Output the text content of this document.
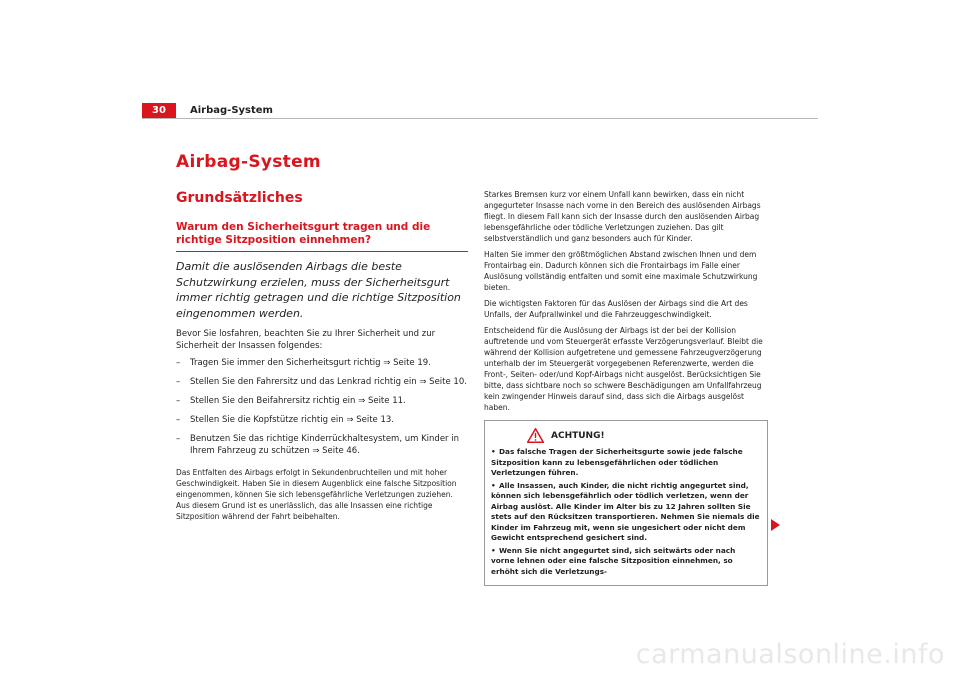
30	Airbag-System
Airbag-System
Grundsätzliches
Warum den Sicherheitsgurt tragen und die richtige Sitzposition einnehmen?

Damit die auslösenden Airbags die beste Schutzwirkung erzielen, muss der Sicherheitsgurt immer richtig getragen und die richtige Sitzposition eingenommen werden.

Bevor Sie losfahren, beachten Sie zu Ihrer Sicherheit und zur Sicherheit der Insassen folgendes:

– Tragen Sie immer den Sicherheitsgurt richtig ⇒ Seite 19.
– Stellen Sie den Fahrersitz und das Lenkrad richtig ein ⇒ Seite 10.
– Stellen Sie den Beifahrersitz richtig ein ⇒ Seite 11.
– Stellen Sie die Kopfstütze richtig ein ⇒ Seite 13.
– Benutzen Sie das richtige Kinderrückhaltesystem, um Kinder in Ihrem Fahrzeug zu schützen ⇒ Seite 46.

Das Entfalten des Airbags erfolgt in Sekundenbruchteilen und mit hoher Geschwindigkeit. Haben Sie in diesem Augenblick eine falsche Sitzposition eingenommen, können Sie sich lebensgefährliche Verletzungen zuziehen. Aus diesem Grund ist es unerlässlich, das alle Insassen eine richtige Sitzposition während der Fahrt beibehalten.

Starkes Bremsen kurz vor einem Unfall kann bewirken, dass ein nicht angegurteter Insasse nach vorne in den Bereich des auslösenden Airbags fliegt. In diesem Fall kann sich der Insasse durch den auslösenden Airbag lebensgefährliche oder tödliche Verletzungen zuziehen. Das gilt selbstverständlich und ganz besonders auch für Kinder.

Halten Sie immer den größtmöglichen Abstand zwischen Ihnen und dem Frontairbag ein. Dadurch können sich die Frontairbags im Falle einer Auslösung vollständig entfalten und somit eine maximale Schutzwirkung bieten.

Die wichtigsten Faktoren für das Auslösen der Airbags sind die Art des Unfalls, der Aufprallwinkel und die Fahrzeuggeschwindigkeit.

Entscheidend für die Auslösung der Airbags ist der bei der Kollision auftretende und vom Steuergerät erfasste Verzögerungsverlauf. Bleibt die während der Kollision aufgetretene und gemessene Fahrzeugverzögerung unterhalb der im Steuergerät vorgegebenen Referenzwerte, werden die Front-, Seiten- oder/und Kopf-Airbags nicht ausgelöst. Berücksichtigen Sie bitte, dass sichtbare noch so schwere Beschädigungen am Unfallfahrzeug kein zwingender Hinweis darauf sind, dass sich die Airbags ausgelöst haben.

ACHTUNG!
• Das falsche Tragen der Sicherheitsgurte sowie jede falsche Sitzposition kann zu lebensgefährlichen oder tödlichen Verletzungen führen.
• Alle Insassen, auch Kinder, die nicht richtig angegurtet sind, können sich lebensgefährlich oder tödlich verletzen, wenn der Airbag auslöst. Alle Kinder im Alter bis zu 12 Jahren sollten Sie stets auf den Rücksitzen transportieren. Nehmen Sie niemals die Kinder im Fahrzeug mit, wenn sie ungesichert oder nicht dem Gewicht entsprechend gesichert sind.
• Wenn Sie nicht angegurtet sind, sich seitwärts oder nach vorne lehnen oder eine falsche Sitzposition einnehmen, so erhöht sich die Verletzungs-
carmanualsonline.info
